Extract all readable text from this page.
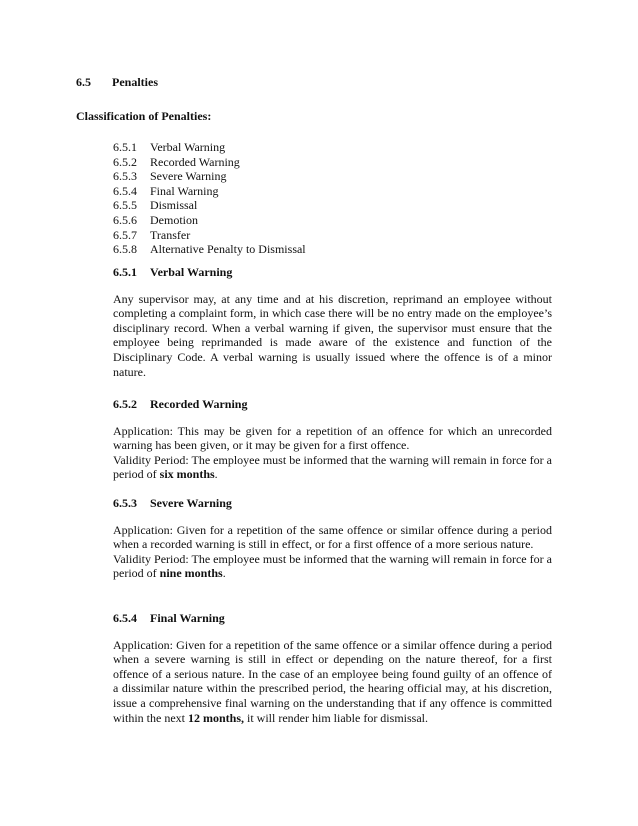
6.5 Penalties
Classification of Penalties:
6.5.1 Verbal Warning
6.5.2 Recorded Warning
6.5.3 Severe Warning
6.5.4 Final Warning
6.5.5 Dismissal
6.5.6 Demotion
6.5.7 Transfer
6.5.8 Alternative Penalty to Dismissal
6.5.1 Verbal Warning

Any supervisor may, at any time and at his discretion, reprimand an employee without completing a complaint form, in which case there will be no entry made on the employee’s disciplinary record. When a verbal warning if given, the supervisor must ensure that the employee being reprimanded is made aware of the existence and function of the Disciplinary Code. A verbal warning is usually issued where the offence is of a minor nature.

6.5.2 Recorded Warning

Application: This may be given for a repetition of an offence for which an unrecorded warning has been given, or it may be given for a first offence.

Validity Period: The employee must be informed that the warning will remain in force for a period of six months.

6.5.3 Severe Warning

Application: Given for a repetition of the same offence or similar offence during a period when a recorded warning is still in effect, or for a first offence of a more serious nature.

Validity Period: The employee must be informed that the warning will remain in force for a period of nine months.

6.5.4 Final Warning

Application: Given for a repetition of the same offence or a similar offence during a period when a severe warning is still in effect or depending on the nature thereof, for a first offence of a serious nature. In the case of an employee being found guilty of an offence of a dissimilar nature within the prescribed period, the hearing official may, at his discretion, issue a comprehensive final warning on the understanding that if any offence is committed within the next 12 months, it will render him liable for dismissal.
